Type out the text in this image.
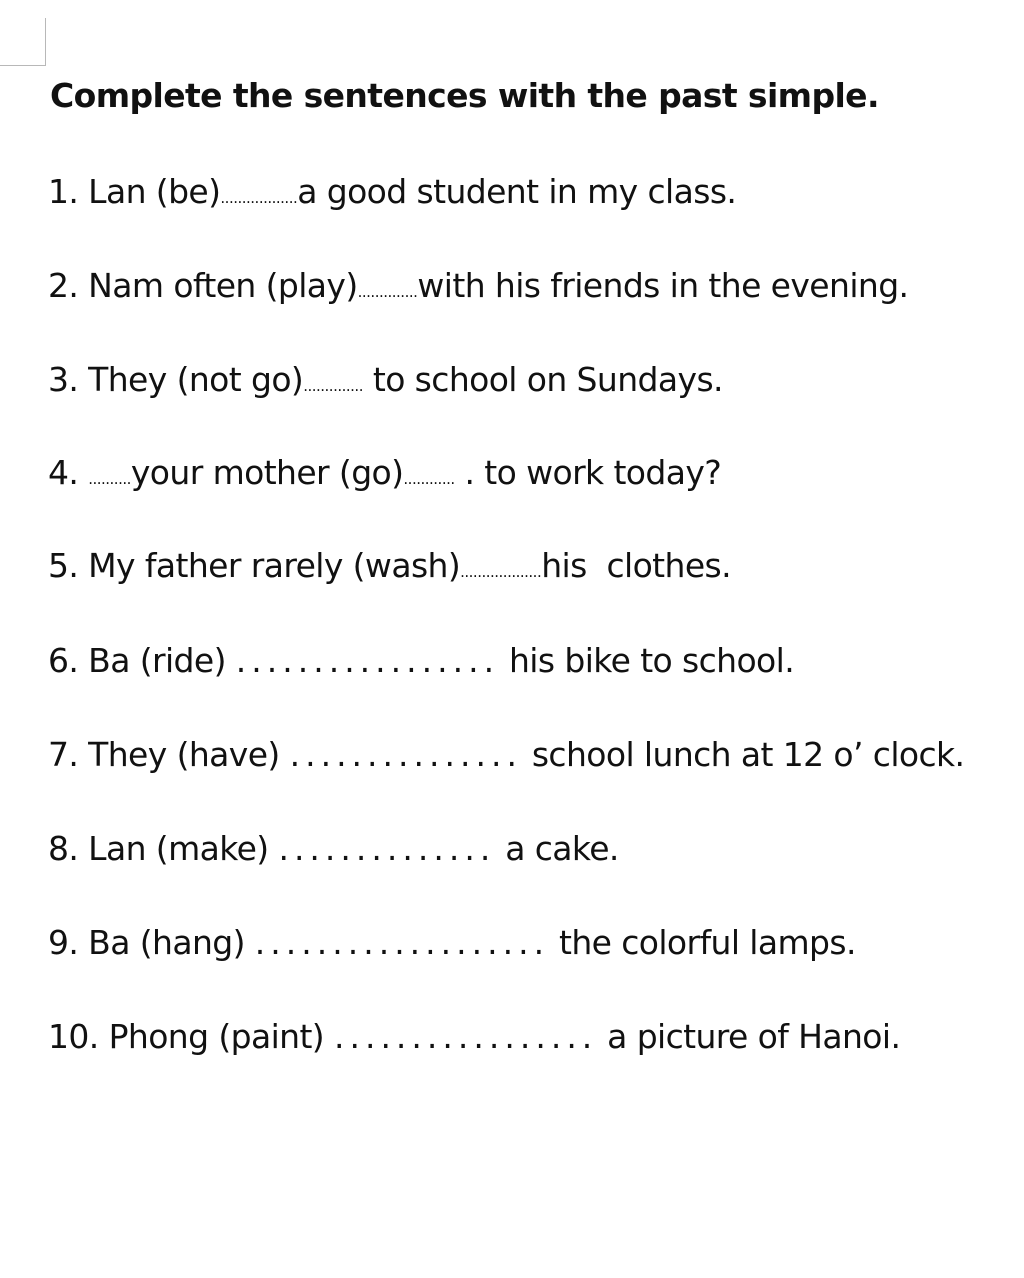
Complete the sentences with the past simple.
1. Lan (be)..................a good student in my class.
2. Nam often (play)..............with his friends in the evening.
3. They (not go).............. to school on Sundays.
4. ..........your mother (go)............ . to work today?
5. My father rarely (wash)...................his  clothes.
6. Ba (ride) ................. his bike to school.
7. They (have) ............... school lunch at 12 o’ clock.
8. Lan (make) .............. a cake.
9. Ba (hang) ................... the colorful lamps.
10. Phong (paint) ................. a picture of Hanoi.
